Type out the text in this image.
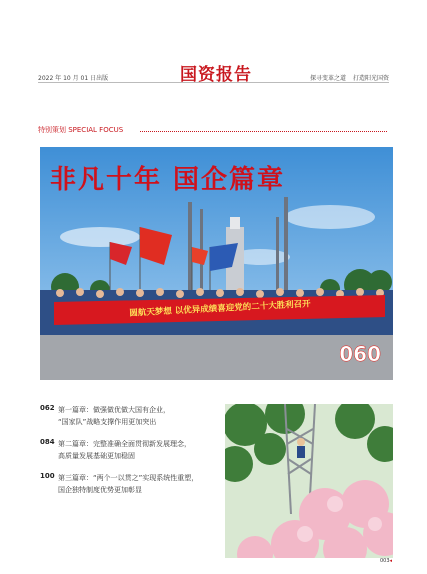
2022 年 10 月 01 日出版	国资报告	探寻变革之道 打造阳光国资
特别策划 SPECIAL FOCUS
非凡十年 国企篇章
圆航天梦想 以优异成绩喜迎党的二十大胜利召开
060
062 第一篇章：做强做优做大国有企业，
“国家队”战略支撑作用更加突出
084 第二篇章：完整准确全面贯彻新发展理念，
高质量发展基础更加稳固
100 第三篇章：“两个一以贯之”实现系统性重塑，
国企独特制度优势更加彰显
003◂
